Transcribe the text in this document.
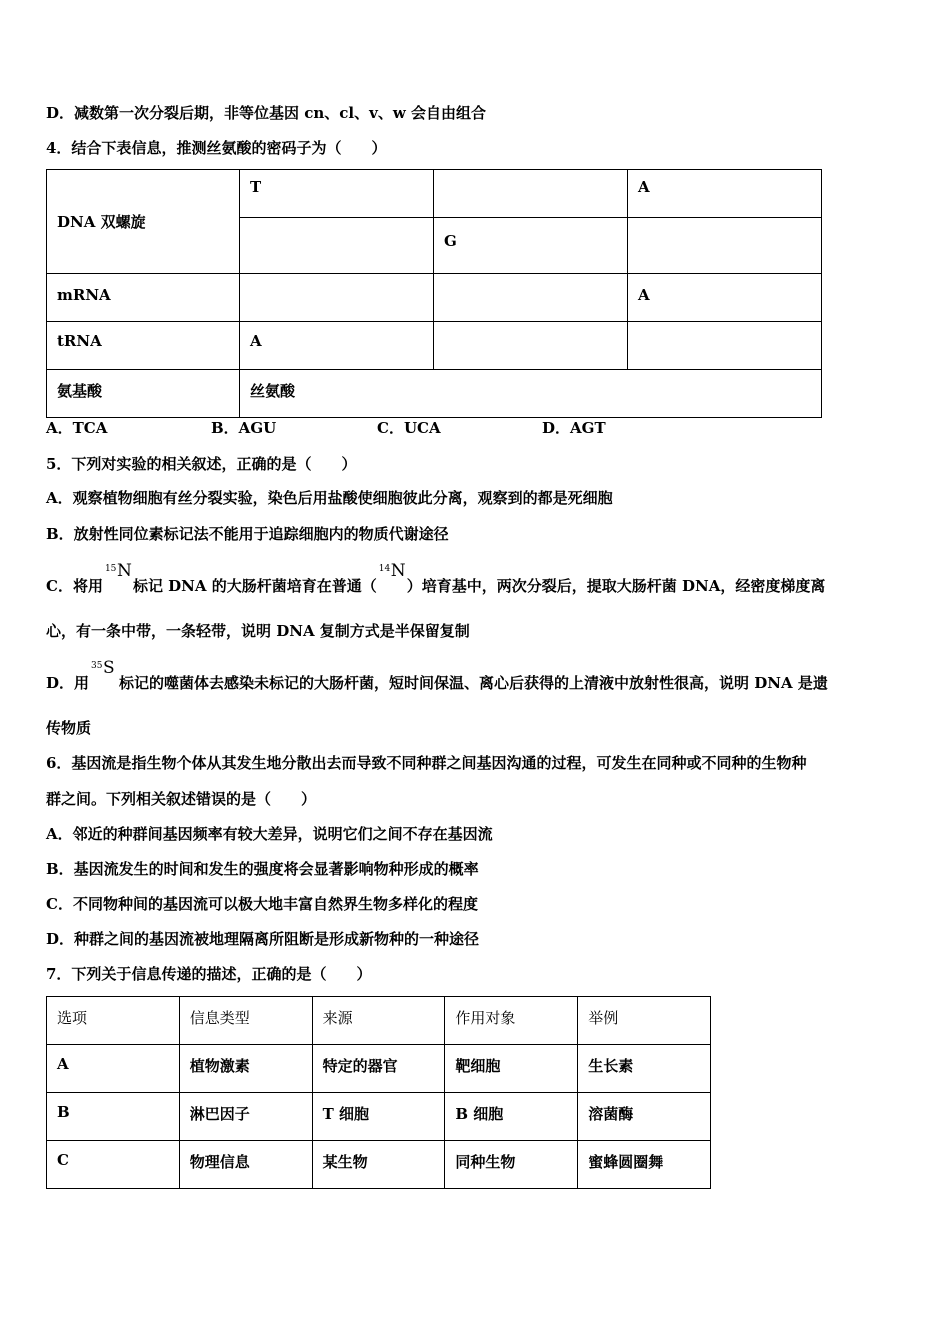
D．减数第一次分裂后期，非等位基因 cn、cl、v、w 会自由组合
4．结合下表信息，推测丝氨酸的密码子为（　　）
DNA 双螺旋	T		A
		G	
mRNA			A
tRNA	A		
氨基酸	丝氨酸		
A．TCA	B．AGU	C．UCA	D．AGT
5．下列对实验的相关叙述，正确的是（　　）
A．观察植物细胞有丝分裂实验，染色后用盐酸使细胞彼此分离，观察到的都是死细胞
B．放射性同位素标记法不能用于追踪细胞内的物质代谢途径
C．将用
15 N
标记 DNA 的大肠杆菌培育在普通（
14 N
）培育基中，两次分裂后，提取大肠杆菌 DNA，经密度梯度离
心，有一条中带，一条轻带，说明 DNA 复制方式是半保留复制
D．用
35 S
标记的噬菌体去感染未标记的大肠杆菌，短时间保温、离心后获得的上清液中放射性很高，说明 DNA 是遗
传物质
6．基因流是指生物个体从其发生地分散出去而导致不同种群之间基因沟通的过程，可发生在同种或不同种的生物种
群之间。下列相关叙述错误的是（　　）
A．邻近的种群间基因频率有较大差异，说明它们之间不存在基因流
B．基因流发生的时间和发生的强度将会显著影响物种形成的概率
C．不同物种间的基因流可以极大地丰富自然界生物多样化的程度
D．种群之间的基因流被地理隔离所阻断是形成新物种的一种途径
7．下列关于信息传递的描述，正确的是（　　）
选项	信息类型	来源	作用对象	举例
A	植物激素	特定的器官	靶细胞	生长素
B	淋巴因子	T 细胞	B 细胞	溶菌酶
C	物理信息	某生物	同种生物	蜜蜂圆圈舞
